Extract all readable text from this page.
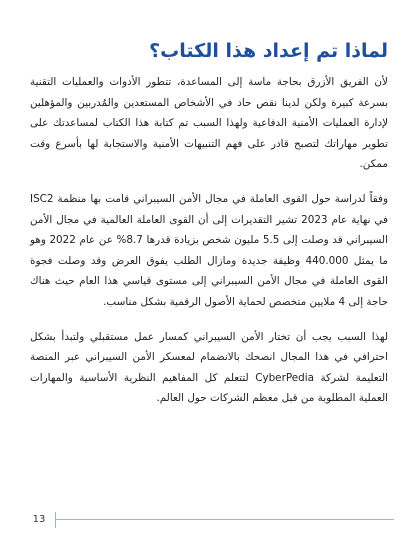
لماذا تم إعداد هذا الكتاب؟

لأن الفريق الأزرق بحاجة ماسة إلى المساعدة، تتطور الأدوات والعمليات التقنية بسرعة كبيرة ولكن لدينا نقص حاد في الأشخاص المستعدين والمُدربين والمؤهلين لإدارة العمليات الأمنية الدفاعية ولهذا السبب تم كتابة هذا الكتاب لمساعدتك على تطوير مهاراتك لتصبح قادر على فهم التنبيهات الأمنية والاستجابة لها بأسرع وقت ممكن.

وفقاً لدراسة حول القوى العاملة في مجال الأمن السيبراني قامت بها منظمة ISC2 في نهاية عام 2023 تشير التقديرات إلى أن القوى العاملة العالمية في مجال الأمن السيبراني قد وصلت إلى 5.5 مليون شخص بزيادة قدرها 8.7% عن عام 2022 وهو ما يمثل 440.000 وظيفة جديدة ومازال الطلب يفوق العرض وقد وصلت فجوة القوى العاملة في مجال الأمن السيبراني إلى مستوى قياسي هذا العام حيث هناك حاجة إلى 4 ملايين متخصص لحماية الأصول الرقمية بشكل مناسب.

لهذا السبب يجب أن تختار الأمن السيبراني كمسار عمل مستقبلي ولتبدأ بشكل احترافي في هذا المجال انصحك بالانضمام لمعسكر الأمن السيبراني عبر المنصة التعليمة لشركة CyberPedia لتتعلم كل المفاهيم النظرية الأساسية والمهارات العملية المطلوبة من قبل معظم الشركات حول العالم.

13
